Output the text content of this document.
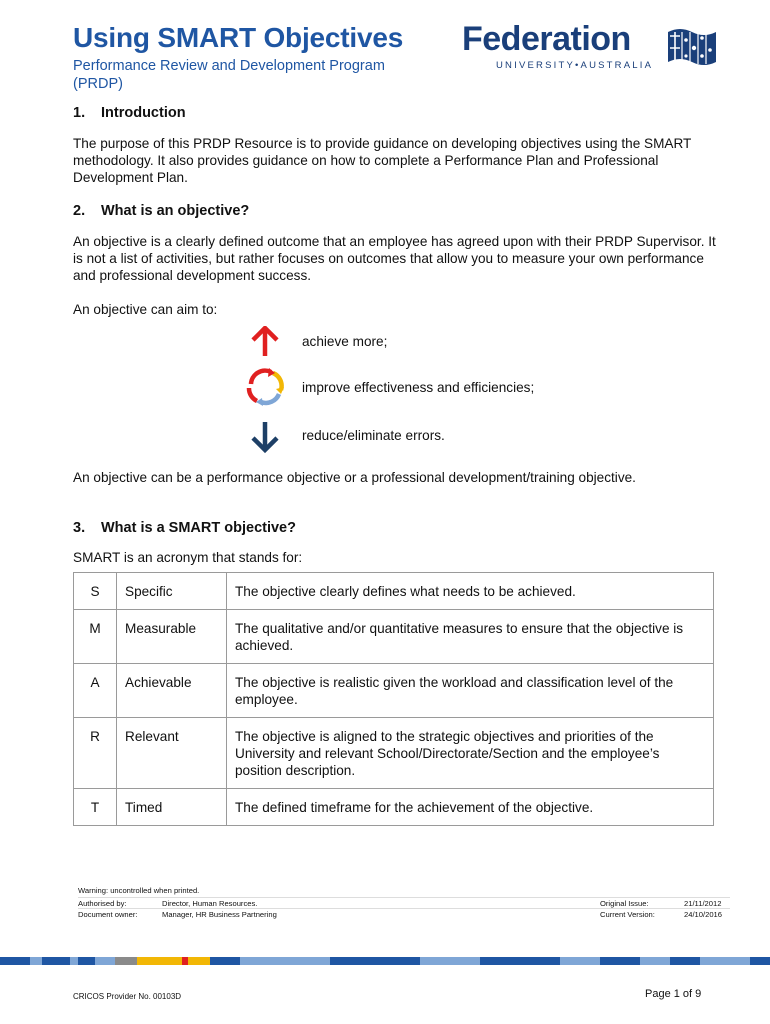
Using SMART Objectives
Performance Review and Development Program (PRDP)
Federation
UNIVERSITY•AUSTRALIA
1. Introduction
The purpose of this PRDP Resource is to provide guidance on developing objectives using the SMART methodology. It also provides guidance on how to complete a Performance Plan and Professional Development Plan.
2. What is an objective?
An objective is a clearly defined outcome that an employee has agreed upon with their PRDP Supervisor. It is not a list of activities, but rather focuses on outcomes that allow you to measure your own performance and professional development success.
An objective can aim to:
achieve more;
improve effectiveness and efficiencies;
reduce/eliminate errors.
An objective can be a performance objective or a professional development/training objective.
3. What is a SMART objective?
SMART is an acronym that stands for:
S	Specific	The objective clearly defines what needs to be achieved.
M	Measurable	The qualitative and/or quantitative measures to ensure that the objective is achieved.
A	Achievable	The objective is realistic given the workload and classification level of the employee.
R	Relevant	The objective is aligned to the strategic objectives and priorities of the University and relevant School/Directorate/Section and the employee’s position description.
T	Timed	The defined timeframe for the achievement of the objective.
Warning: uncontrolled when printed.
Authorised by:	Director, Human Resources.	Original Issue:	21/11/2012
Document owner:	Manager, HR Business Partnering	Current Version:	24/10/2016
CRICOS Provider No. 00103D	Page 1 of 9
